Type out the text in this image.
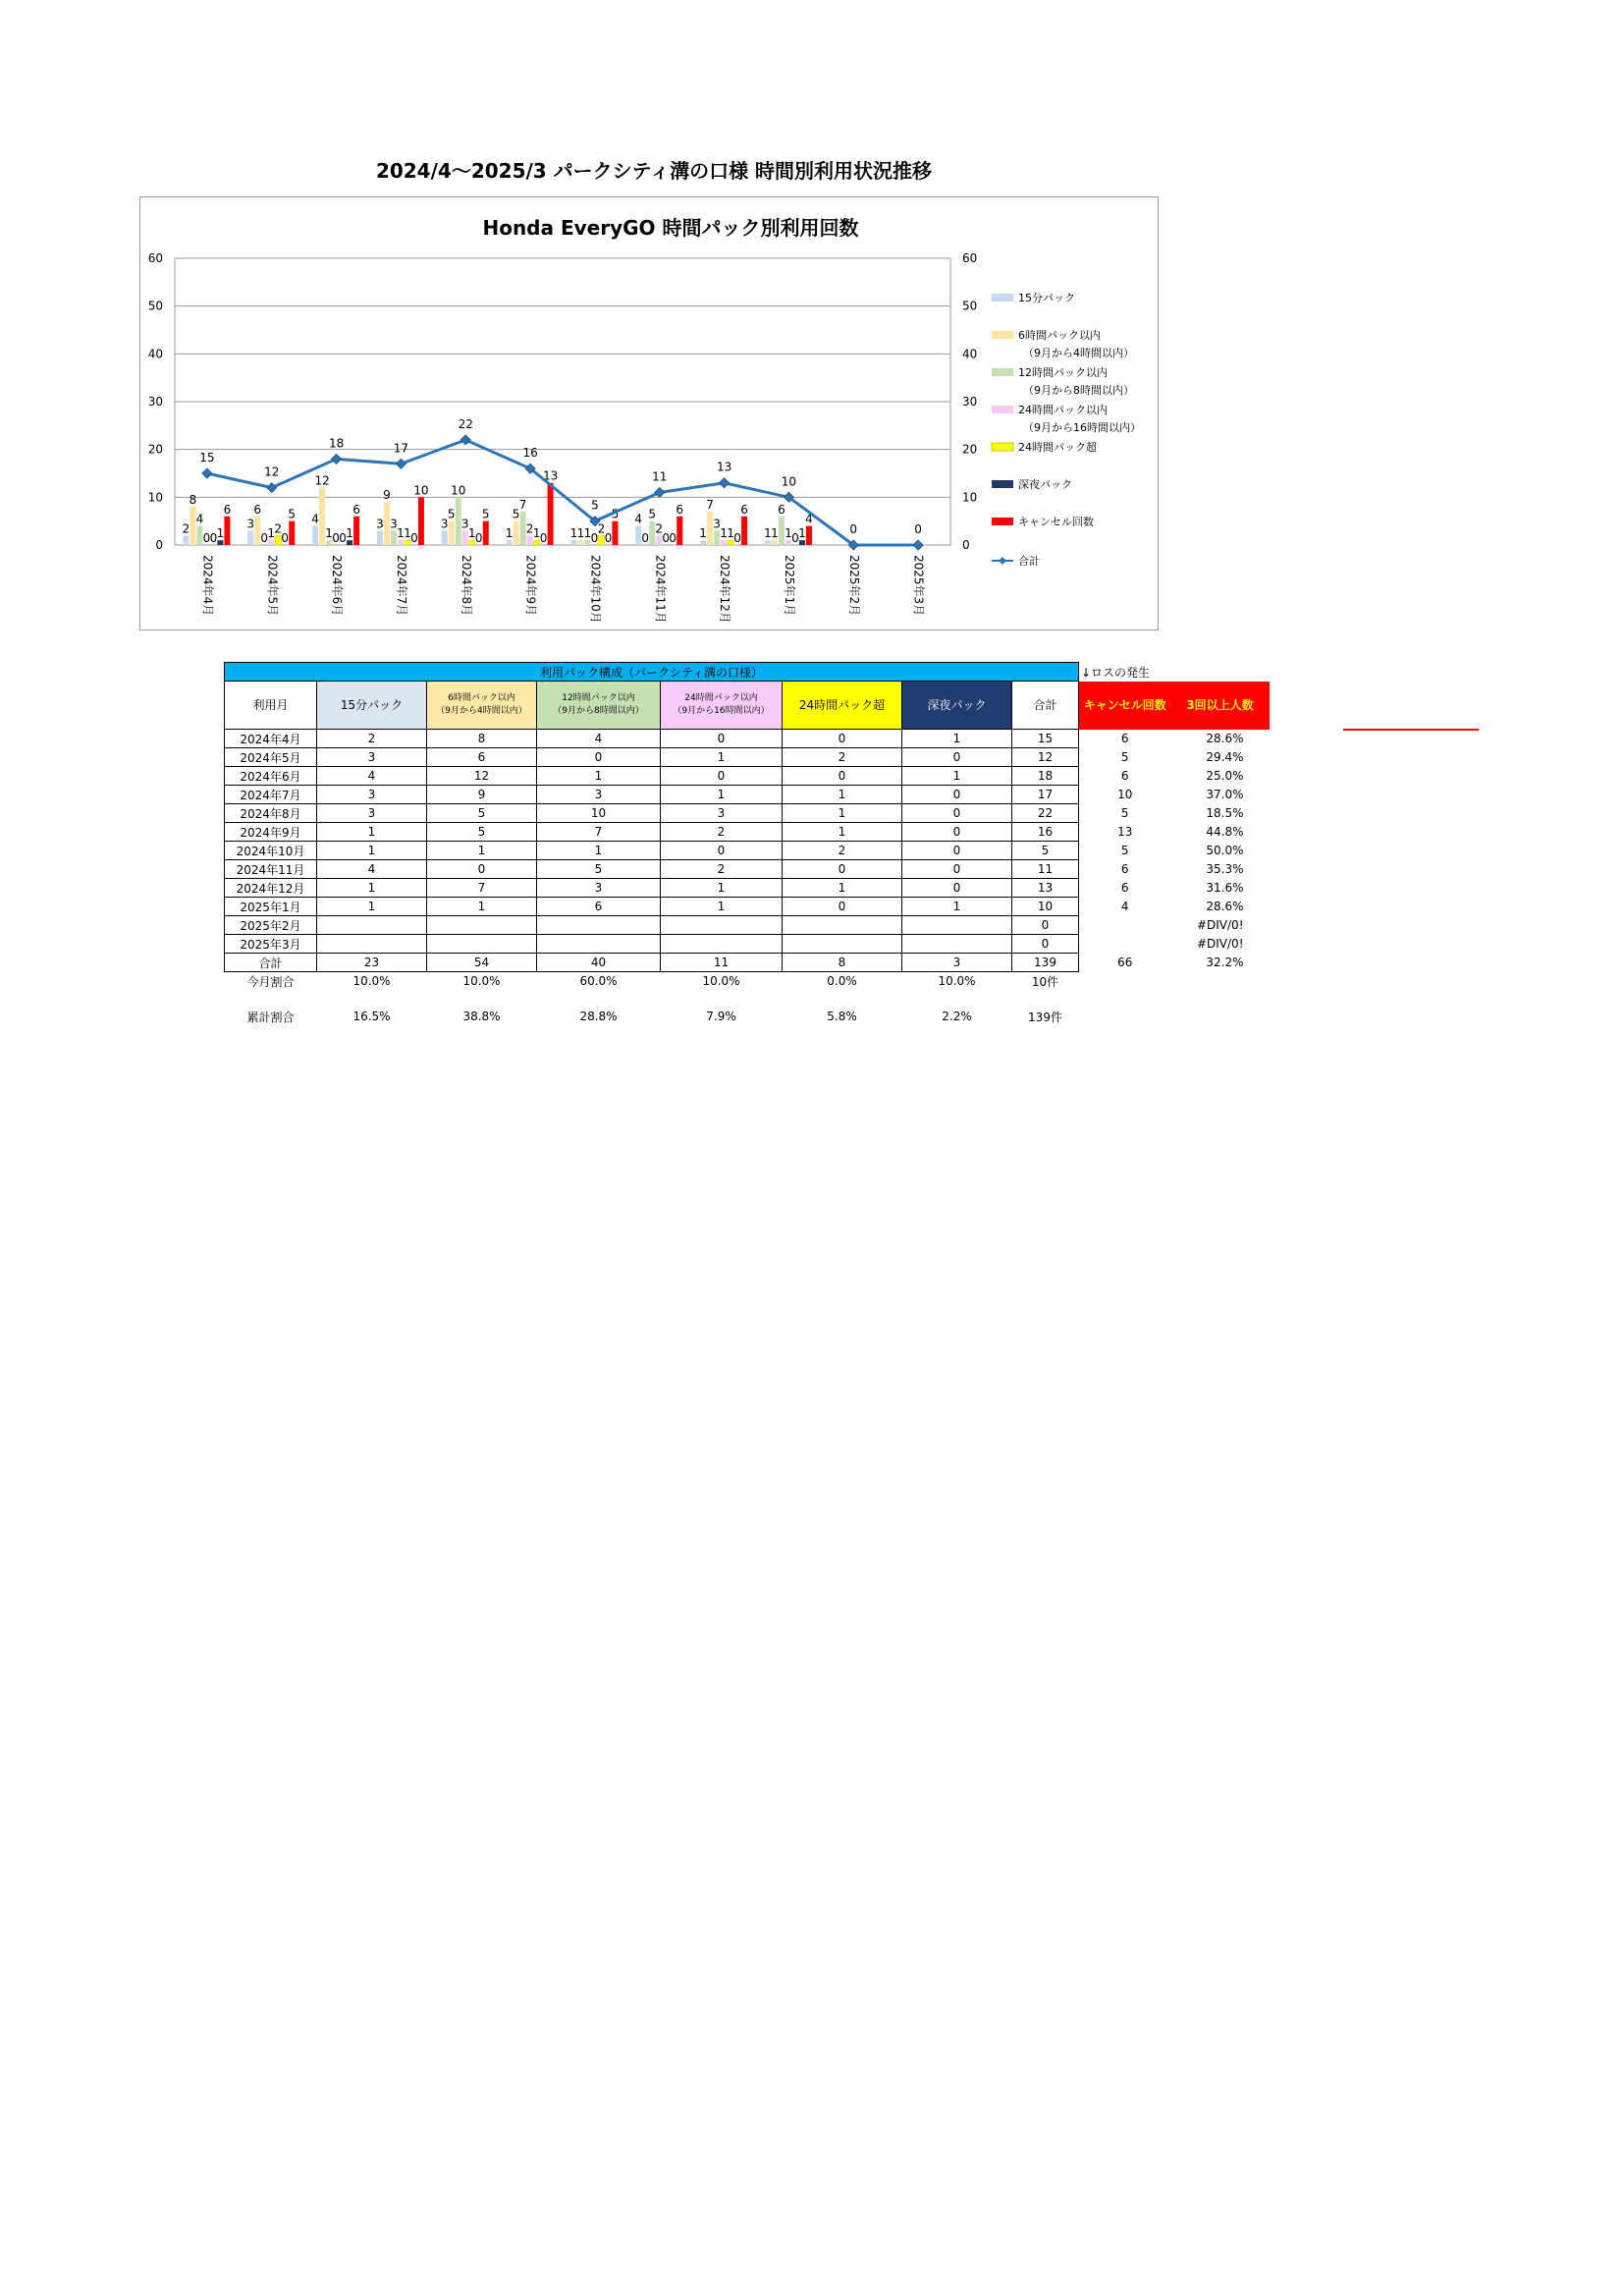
2024/4～2025/3 パークシティ溝の口様 時間別利用状況推移
Honda EveryGO 時間パック別利用回数
0	0
10	10
20	20
30	30
40	40
50	50
60	60
2024年4月	2024年5月	2024年6月	2024年7月	2024年8月	2024年9月	2024年10月	2024年11月	2024年12月	2025年1月	2025年2月	2025年3月
2
8
4
0 0 1
6
3
6
0 1 2
0
5 4
12
1 0 0 1
6
3
9
3
1 1 0
10
3
5
10
3
1 0
5
1
5
7
2 1 0
13
1 1 1 0
2
0
5 4
0
5
2
0 0
6
1
7
3
1 1 0
6
1 1
6
1 0 1
4
15
12
18	17
22
16
5
11
13
10
0	0
15分パック
6時間パック以内
（9月から4時間以内）
12時間パック以内
（9月から8時間以内）
24時間パック以内
（9月から16時間以内）
24時間パック超
深夜パック
キャンセル回数
合計
利用パック構成（パークシティ溝の口様）								↓ロスの発生	
利用月	15分パック	6時間パック以内
（9月から4時間以内）	12時間パック以内
（9月から8時間以内）	24時間パック以内
（9月から16時間以内）	24時間パック超	深夜パック	合計	キャンセル回数	3回以上人数
2024年4月	2	8	4	0	0	1	15	6	28.6%
2024年5月	3	6	0	1	2	0	12	5	29.4%
2024年6月	4	12	1	0	0	1	18	6	25.0%
2024年7月	3	9	3	1	1	0	17	10	37.0%
2024年8月	3	5	10	3	1	0	22	5	18.5%
2024年9月	1	5	7	2	1	0	16	13	44.8%
2024年10月	1	1	1	0	2	0	5	5	50.0%
2024年11月	4	0	5	2	0	0	11	6	35.3%
2024年12月	1	7	3	1	1	0	13	6	31.6%
2025年1月	1	1	6	1	0	1	10	4	28.6%
2025年2月							0		#DIV/0!
2025年3月							0		#DIV/0!
合計	23	54	40	11	8	3	139	66	32.2%
今月割合	10.0%	10.0%	60.0%	10.0%	0.0%	10.0%	10件		

累計割合	16.5%	38.8%	28.8%	7.9%	5.8%	2.2%	139件		
